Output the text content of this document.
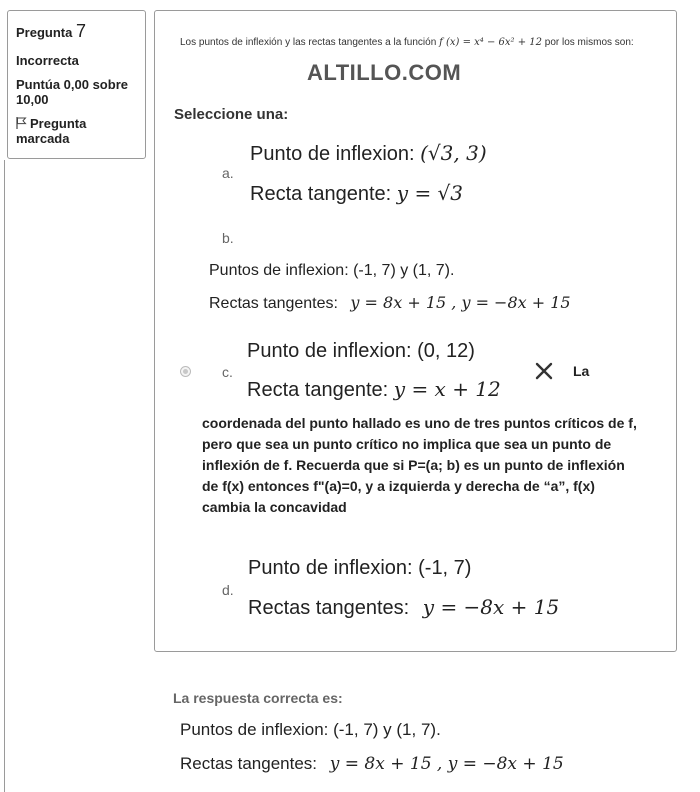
Pregunta 7
Incorrecta
Puntúa 0,00 sobre 10,00
Pregunta marcada
Los puntos de inflexión y las rectas tangentes a la función f (x) = x⁴ − 6x² + 12 por los mismos son:
ALTILLO.COM
Seleccione una:
a.
Punto de inflexion: (√3, 3)
Recta tangente: y = √3
b.
Puntos de inflexion: (-1, 7) y (1, 7).
Rectas tangentes: y = 8x + 15 , y = −8x + 15
c.
Punto de inflexion: (0, 12)
Recta tangente: y = x + 12
La
coordenada del punto hallado es uno de tres puntos críticos de f, pero que sea un punto crítico no implica que sea un punto de inflexión de f. Recuerda que si P=(a; b) es un punto de inflexión de f(x) entonces f"(a)=0, y a izquierda y derecha de “a”, f(x) cambia la concavidad
d.
Punto de inflexion: (-1, 7)
Rectas tangentes: y = −8x + 15
La respuesta correcta es:
Puntos de inflexion: (-1, 7) y (1, 7).
Rectas tangentes: y = 8x + 15 , y = −8x + 15
